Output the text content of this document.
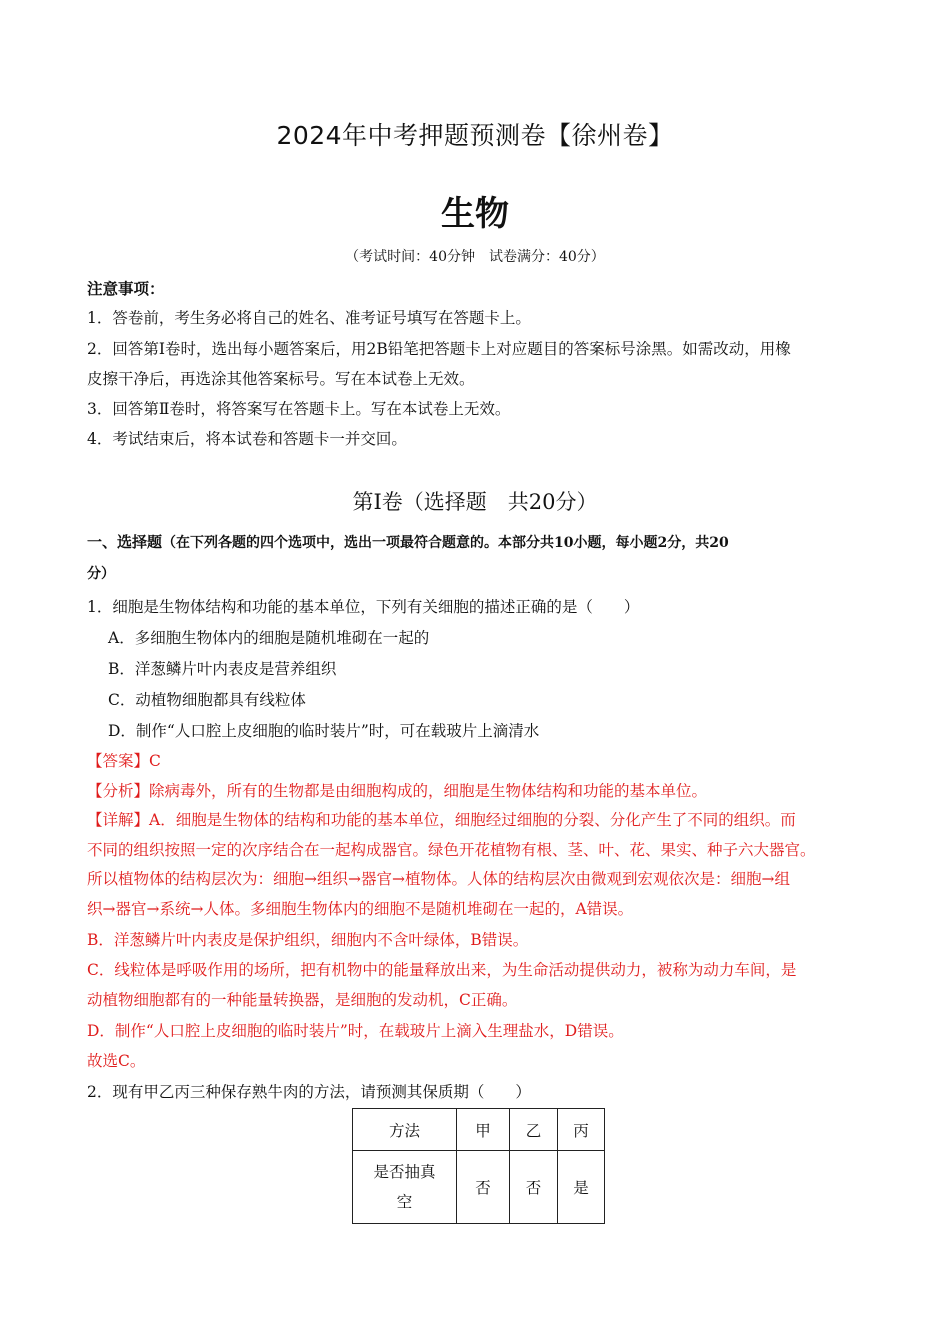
2024年中考押题预测卷【徐州卷】
生物
（考试时间：40分钟　试卷满分：40分）
注意事项：
1．答卷前，考生务必将自己的姓名、准考证号填写在答题卡上。
2．回答第Ⅰ卷时，选出每小题答案后，用2B铅笔把答题卡上对应题目的答案标号涂黑。如需改动，用橡
皮擦干净后，再选涂其他答案标号。写在本试卷上无效。
3．回答第Ⅱ卷时，将答案写在答题卡上。写在本试卷上无效。
4．考试结束后，将本试卷和答题卡一并交回。
第Ⅰ卷（选择题　共20分）
一、选择题（在下列各题的四个选项中，选出一项最符合题意的。本部分共10小题，每小题2分，共20
分）
1．细胞是生物体结构和功能的基本单位，下列有关细胞的描述正确的是（　　）
A．多细胞生物体内的细胞是随机堆砌在一起的
B．洋葱鳞片叶内表皮是营养组织
C．动植物细胞都具有线粒体
D．制作“人口腔上皮细胞的临时装片”时，可在载玻片上滴清水
【答案】C
【分析】除病毒外，所有的生物都是由细胞构成的，细胞是生物体结构和功能的基本单位。
【详解】A．细胞是生物体的结构和功能的基本单位，细胞经过细胞的分裂、分化产生了不同的组织。而
不同的组织按照一定的次序结合在一起构成器官。绿色开花植物有根、茎、叶、花、果实、种子六大器官。
所以植物体的结构层次为：细胞→组织→器官→植物体。人体的结构层次由微观到宏观依次是：细胞→组
织→器官→系统→人体。多细胞生物体内的细胞不是随机堆砌在一起的，A错误。
B．洋葱鳞片叶内表皮是保护组织，细胞内不含叶绿体，B错误。
C．线粒体是呼吸作用的场所，把有机物中的能量释放出来，为生命活动提供动力，被称为动力车间，是
动植物细胞都有的一种能量转换器，是细胞的发动机，C正确。
D．制作“人口腔上皮细胞的临时装片”时，在载玻片上滴入生理盐水，D错误。
故选C。
2．现有甲乙丙三种保存熟牛肉的方法，请预测其保质期（　　）
方法	甲	乙	丙
是否抽真
空	否	否	是
